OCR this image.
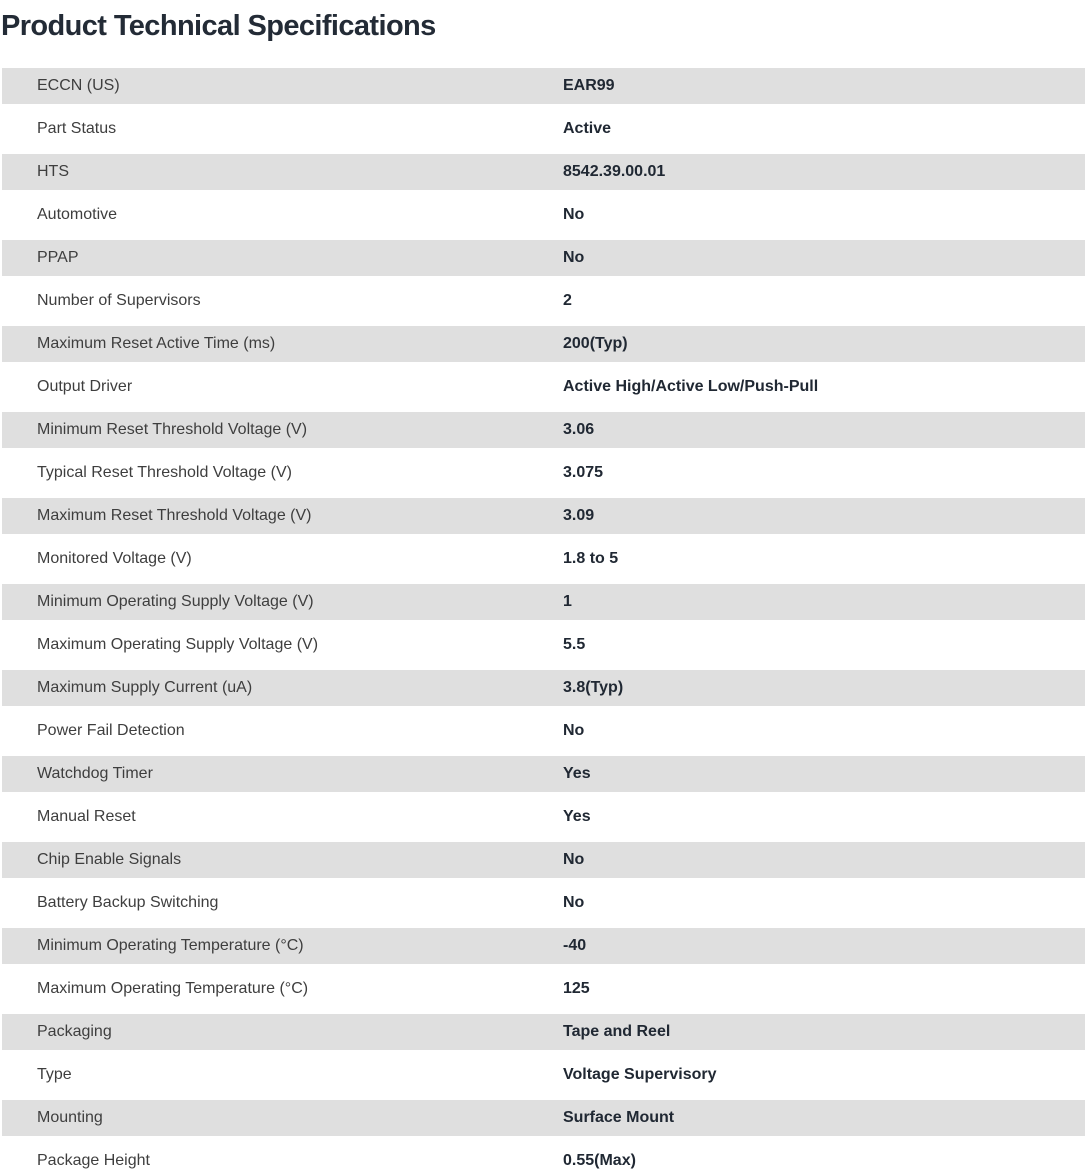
Product Technical Specifications
ECCN (US)	EAR99
Part Status	Active
HTS	8542.39.00.01
Automotive	No
PPAP	No
Number of Supervisors	2
Maximum Reset Active Time (ms)	200(Typ)
Output Driver	Active High/Active Low/Push-Pull
Minimum Reset Threshold Voltage (V)	3.06
Typical Reset Threshold Voltage (V)	3.075
Maximum Reset Threshold Voltage (V)	3.09
Monitored Voltage (V)	1.8 to 5
Minimum Operating Supply Voltage (V)	1
Maximum Operating Supply Voltage (V)	5.5
Maximum Supply Current (uA)	3.8(Typ)
Power Fail Detection	No
Watchdog Timer	Yes
Manual Reset	Yes
Chip Enable Signals	No
Battery Backup Switching	No
Minimum Operating Temperature (°C)	-40
Maximum Operating Temperature (°C)	125
Packaging	Tape and Reel
Type	Voltage Supervisory
Mounting	Surface Mount
Package Height	0.55(Max)
